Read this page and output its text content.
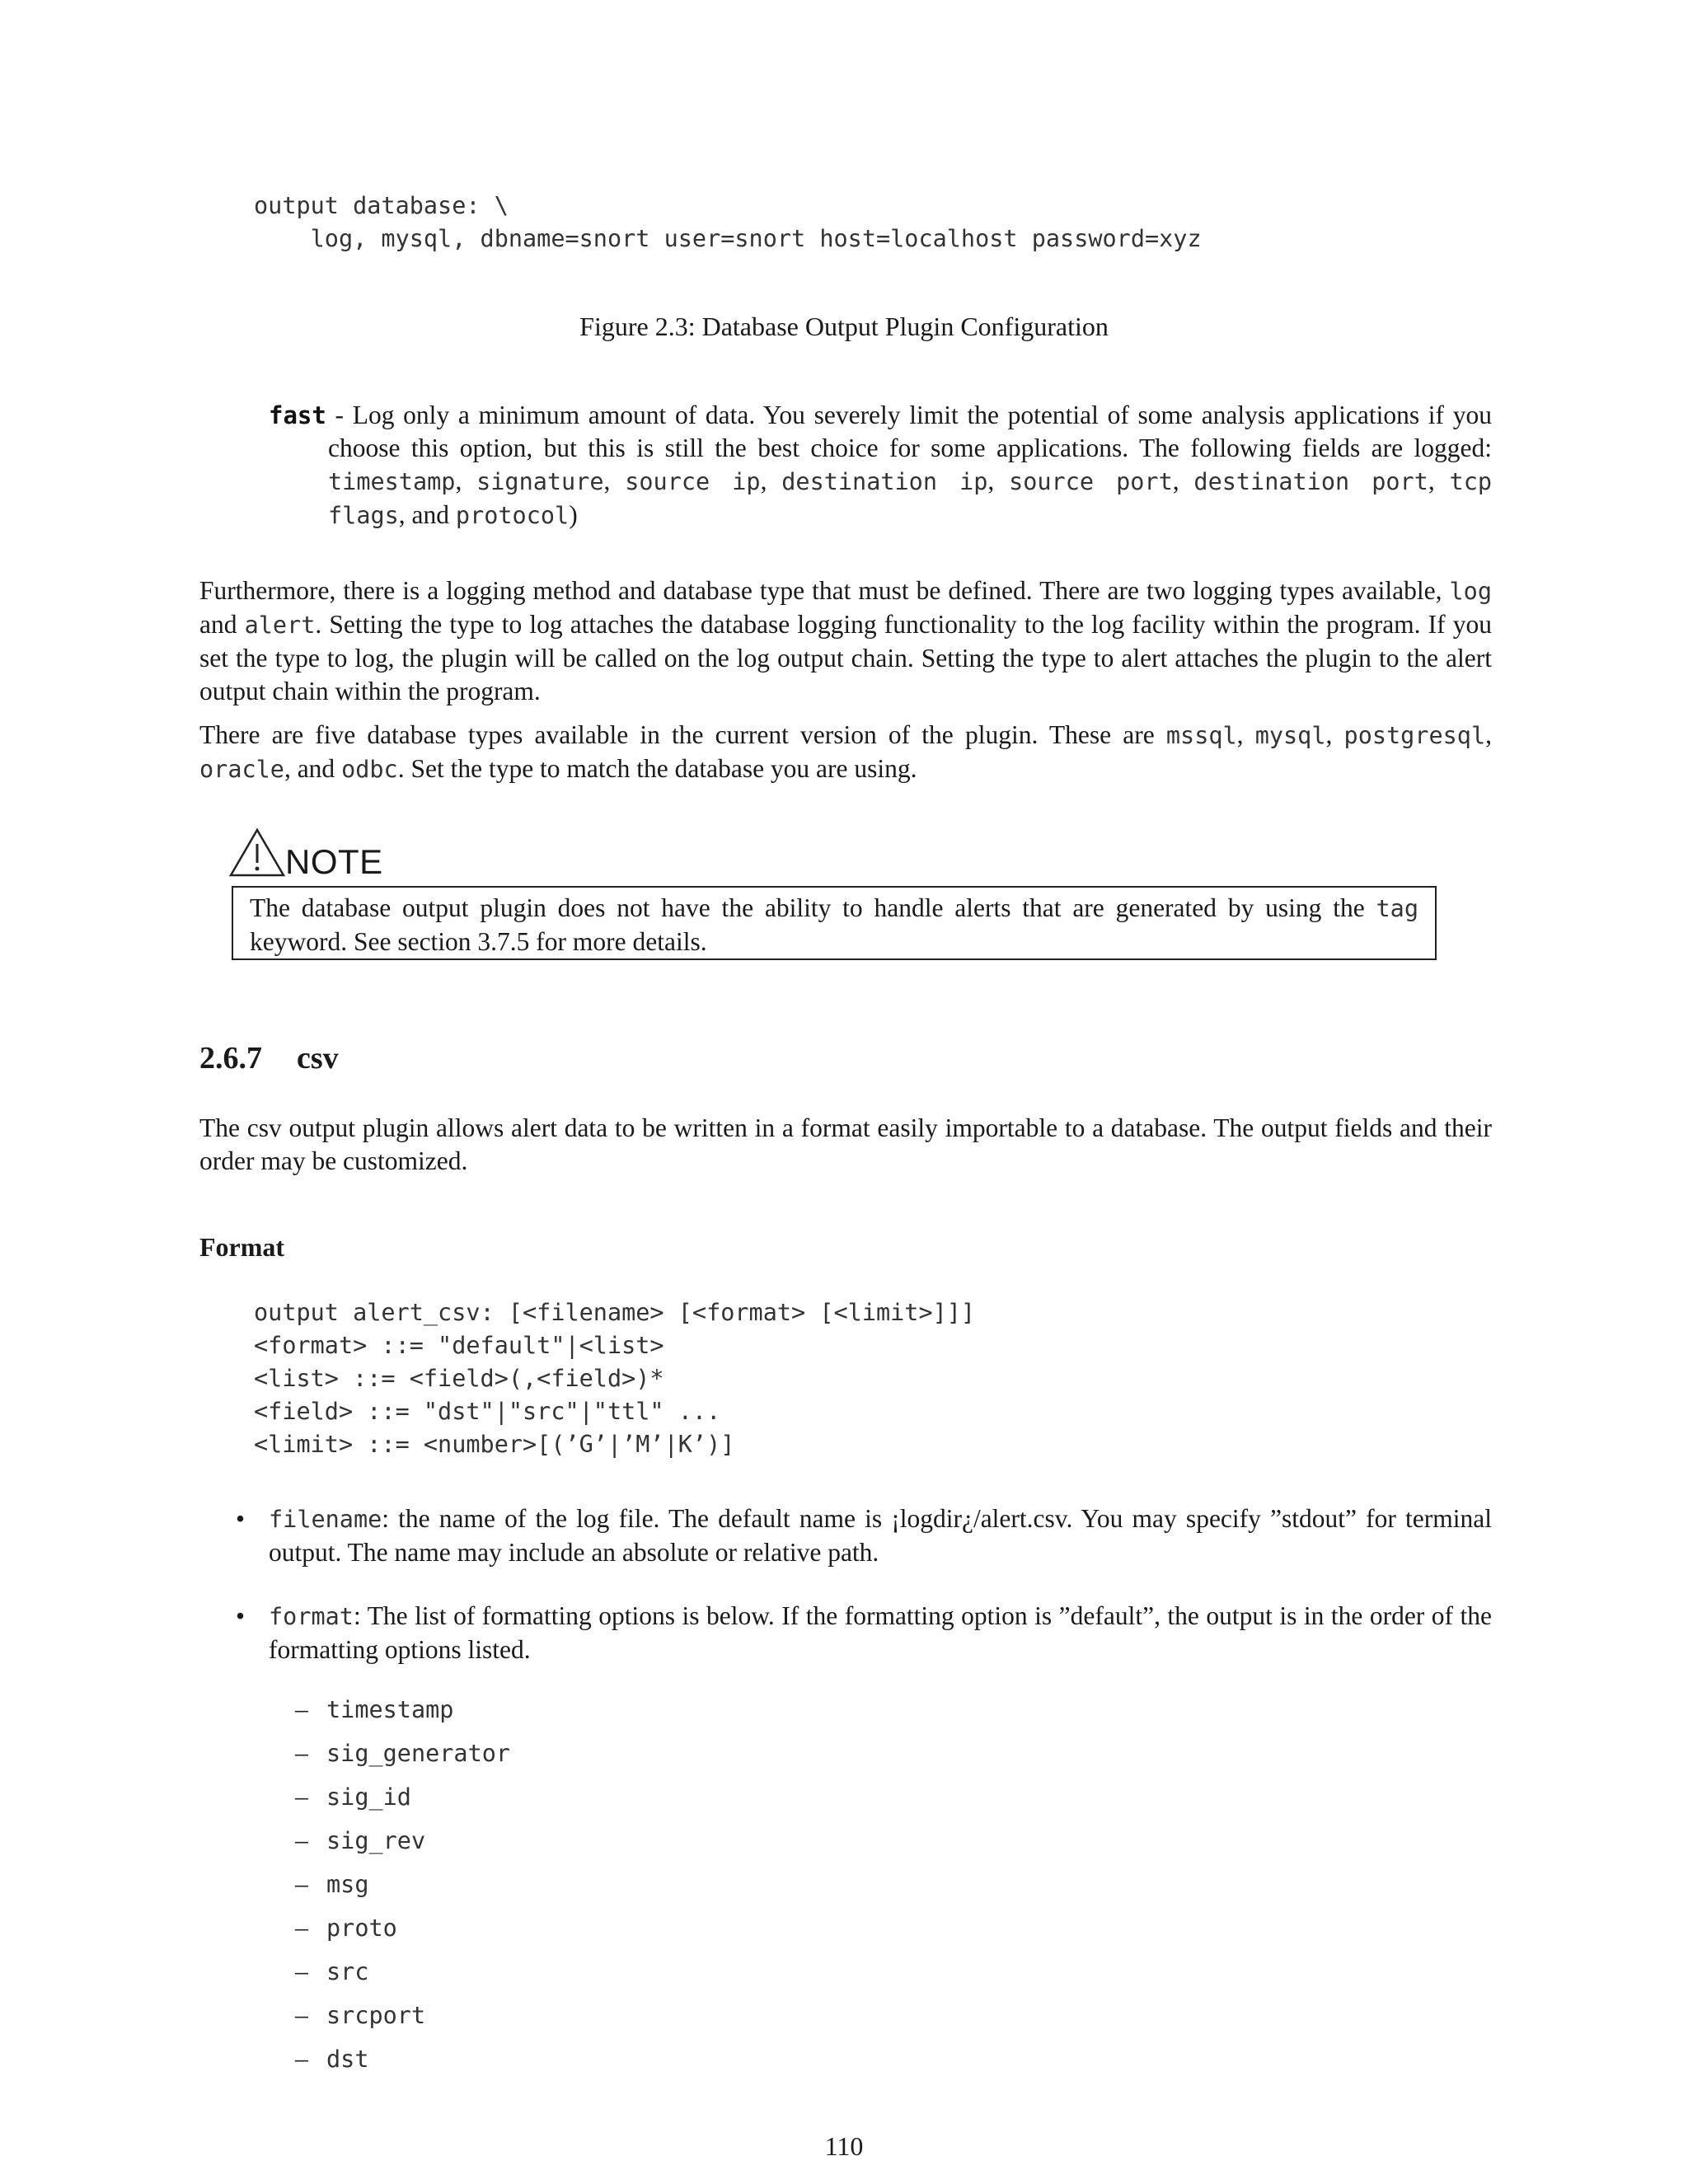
output database: \
log, mysql, dbname=snort user=snort host=localhost password=xyz
Figure 2.3: Database Output Plugin Configuration
fast - Log only a minimum amount of data. You severely limit the potential of some analysis applications if you choose this option, but this is still the best choice for some applications. The following fields are logged: timestamp, signature, source ip, destination ip, source port, destination port, tcp flags, and protocol)
Furthermore, there is a logging method and database type that must be defined. There are two logging types available, log and alert. Setting the type to log attaches the database logging functionality to the log facility within the program. If you set the type to log, the plugin will be called on the log output chain. Setting the type to alert attaches the plugin to the alert output chain within the program.
There are five database types available in the current version of the plugin. These are mssql, mysql, postgresql, oracle, and odbc. Set the type to match the database you are using.
NOTE
The database output plugin does not have the ability to handle alerts that are generated by using the tag keyword. See section 3.7.5 for more details.
2.6.7 csv
The csv output plugin allows alert data to be written in a format easily importable to a database. The output fields and their order may be customized.
Format
output alert_csv: [<filename> [<format> [<limit>]]]
<format> ::= "default"|<list>
<list> ::= <field>(,<field>)*
<field> ::= "dst"|"src"|"ttl" ...
<limit> ::= <number>[(’G’|’M’|K’)]
•	filename: the name of the log file. The default name is ¡logdir¿/alert.csv. You may specify ”stdout” for terminal output. The name may include an absolute or relative path.
•	format: The list of formatting options is below. If the formatting option is ”default”, the output is in the order of the formatting options listed.
– timestamp
– sig_generator
– sig_id
– sig_rev
– msg
– proto
– src
– srcport
– dst
110
